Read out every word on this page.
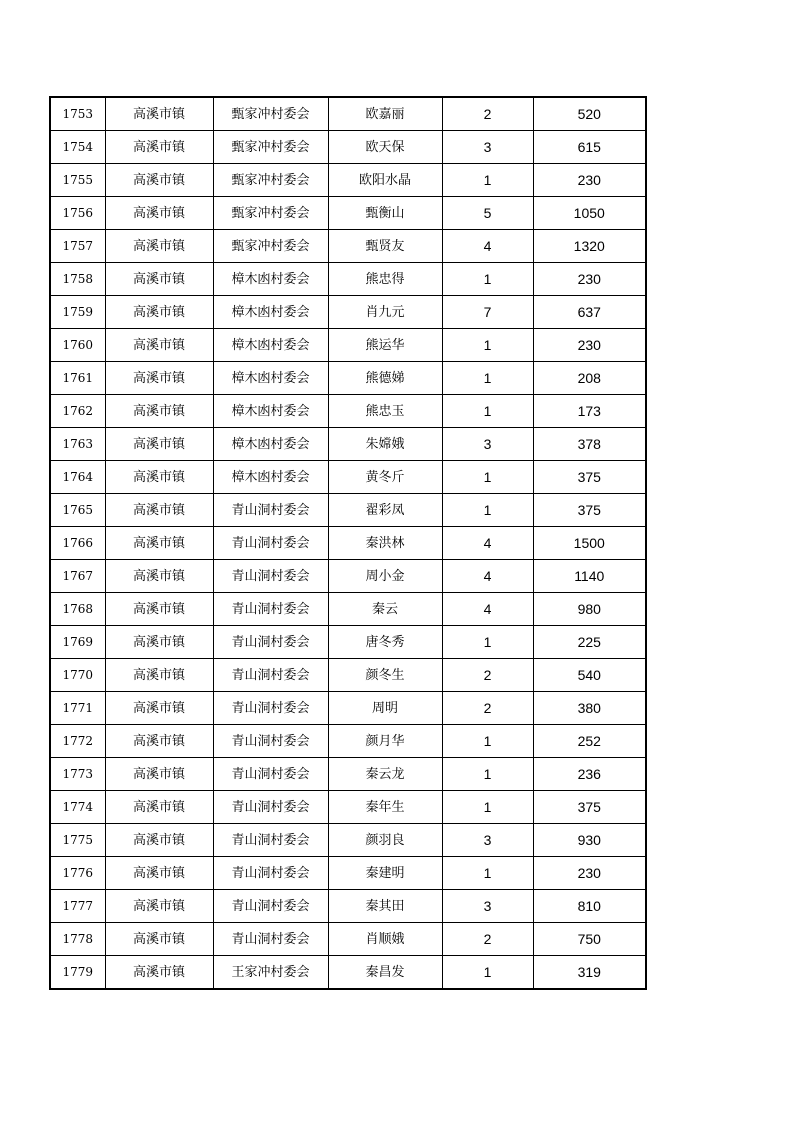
1753	高溪市镇	甄家冲村委会	欧嘉丽	2	520
1754	高溪市镇	甄家冲村委会	欧天保	3	615
1755	高溪市镇	甄家冲村委会	欧阳水晶	1	230
1756	高溪市镇	甄家冲村委会	甄衡山	5	1050
1757	高溪市镇	甄家冲村委会	甄贤友	4	1320
1758	高溪市镇	樟木凼村委会	熊忠得	1	230
1759	高溪市镇	樟木凼村委会	肖九元	7	637
1760	高溪市镇	樟木凼村委会	熊运华	1	230
1761	高溪市镇	樟木凼村委会	熊德娣	1	208
1762	高溪市镇	樟木凼村委会	熊忠玉	1	173
1763	高溪市镇	樟木凼村委会	朱嫦娥	3	378
1764	高溪市镇	樟木凼村委会	黄冬斤	1	375
1765	高溪市镇	青山洞村委会	翟彩凤	1	375
1766	高溪市镇	青山洞村委会	秦洪林	4	1500
1767	高溪市镇	青山洞村委会	周小金	4	1140
1768	高溪市镇	青山洞村委会	秦云	4	980
1769	高溪市镇	青山洞村委会	唐冬秀	1	225
1770	高溪市镇	青山洞村委会	颜冬生	2	540
1771	高溪市镇	青山洞村委会	周明	2	380
1772	高溪市镇	青山洞村委会	颜月华	1	252
1773	高溪市镇	青山洞村委会	秦云龙	1	236
1774	高溪市镇	青山洞村委会	秦年生	1	375
1775	高溪市镇	青山洞村委会	颜羽良	3	930
1776	高溪市镇	青山洞村委会	秦建明	1	230
1777	高溪市镇	青山洞村委会	秦其田	3	810
1778	高溪市镇	青山洞村委会	肖顺娥	2	750
1779	高溪市镇	王家冲村委会	秦昌发	1	319
